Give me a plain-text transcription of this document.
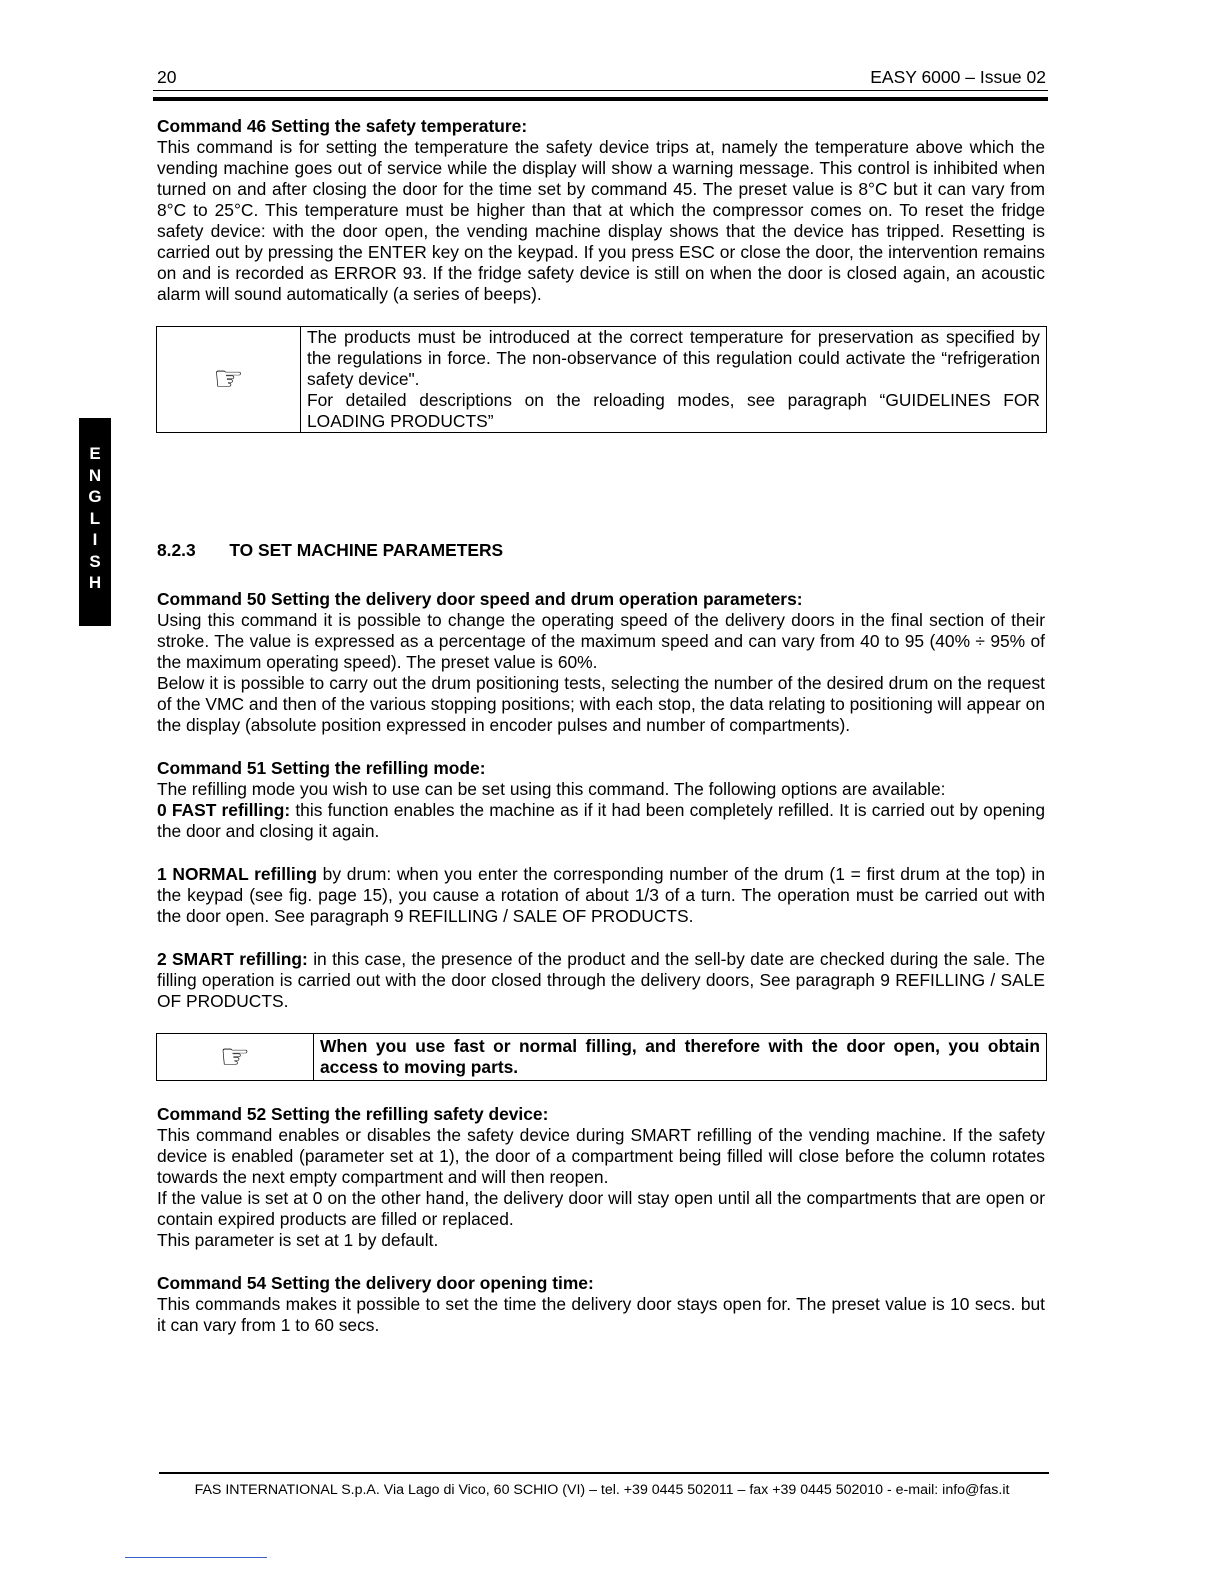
20	EASY 6000 – Issue 02
E
N
G
L
I
S
H

Command 46 Setting the safety temperature:

This command is for setting the temperature the safety device trips at, namely the temperature above which the vending machine goes out of service while the display will show a warning message. This control is inhibited when turned on and after closing the door for the time set by command 45. The preset value is 8°C but it can vary from 8°C to 25°C. This temperature must be higher than that at which the compressor comes on. To reset the fridge safety device: with the door open, the vending machine display shows that the device has tripped. Resetting is carried out by pressing the ENTER key on the keypad. If you press ESC or close the door, the intervention remains on and is recorded as ERROR 93. If the fridge safety device is still on when the door is closed again, an acoustic alarm will sound automatically (a series of beeps).

☞	
The products must be introduced at the correct temperature for preservation as specified by the regulations in force. The non-observance of this regulation could activate the “refrigeration safety device".
For detailed descriptions on the reloading modes, see paragraph “GUIDELINES FOR LOADING PRODUCTS”
8.2.3 TO SET MACHINE PARAMETERS

Command 50 Setting the delivery door speed and drum operation parameters:

Using this command it is possible to change the operating speed of the delivery doors in the final section of their stroke. The value is expressed as a percentage of the maximum speed and can vary from 40 to 95 (40% ÷ 95% of the maximum operating speed). The preset value is 60%.

Below it is possible to carry out the drum positioning tests, selecting the number of the desired drum on the request of the VMC and then of the various stopping positions; with each stop, the data relating to positioning will appear on the display (absolute position expressed in encoder pulses and number of compartments).

Command 51 Setting the refilling mode:

The refilling mode you wish to use can be set using this command. The following options are available:

0 FAST refilling: this function enables the machine as if it had been completely refilled. It is carried out by opening the door and closing it again.

1 NORMAL refilling by drum: when you enter the corresponding number of the drum (1 = first drum at the top) in the keypad (see fig. page 15), you cause a rotation of about 1/3 of a turn. The operation must be carried out with the door open. See paragraph 9 REFILLING / SALE OF PRODUCTS.

2 SMART refilling: in this case, the presence of the product and the sell-by date are checked during the sale. The filling operation is carried out with the door closed through the delivery doors, See paragraph 9 REFILLING / SALE OF PRODUCTS.

☞	When you use fast or normal filling, and therefore with the door open, you obtain access to moving parts.

Command 52 Setting the refilling safety device:

This command enables or disables the safety device during SMART refilling of the vending machine. If the safety device is enabled (parameter set at 1), the door of a compartment being filled will close before the column rotates towards the next empty compartment and will then reopen.

If the value is set at 0 on the other hand, the delivery door will stay open until all the compartments that are open or contain expired products are filled or replaced.

This parameter is set at 1 by default.

Command 54 Setting the delivery door opening time:

This commands makes it possible to set the time the delivery door stays open for. The preset value is 10 secs. but it can vary from 1 to 60 secs.

FAS INTERNATIONAL S.p.A. Via Lago di Vico, 60 SCHIO (VI) – tel. +39 0445 502011 – fax +39 0445 502010 - e-mail: info@fas.it
